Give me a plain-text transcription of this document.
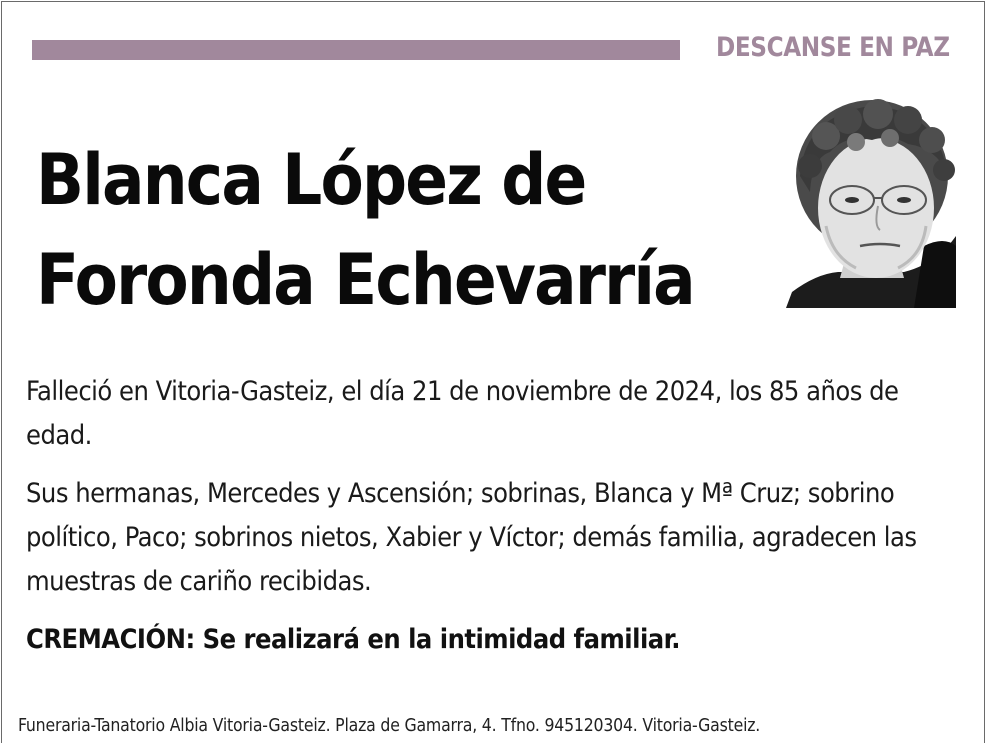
DESCANSE EN PAZ
Blanca López de
Foronda Echevarría

Falleció en Vitoria-Gasteiz, el día 21 de noviembre de 2024, los 85 años de edad.

Sus hermanas, Mercedes y Ascensión; sobrinas, Blanca y Mª Cruz; sobrino político, Paco; sobrinos nietos, Xabier y Víctor; demás familia, agradecen las muestras de cariño recibidas.

CREMACIÓN: Se realizará en la intimidad familiar.

Funeraria-Tanatorio Albia Vitoria-Gasteiz. Plaza de Gamarra, 4. Tfno. 945120304. Vitoria-Gasteiz.
